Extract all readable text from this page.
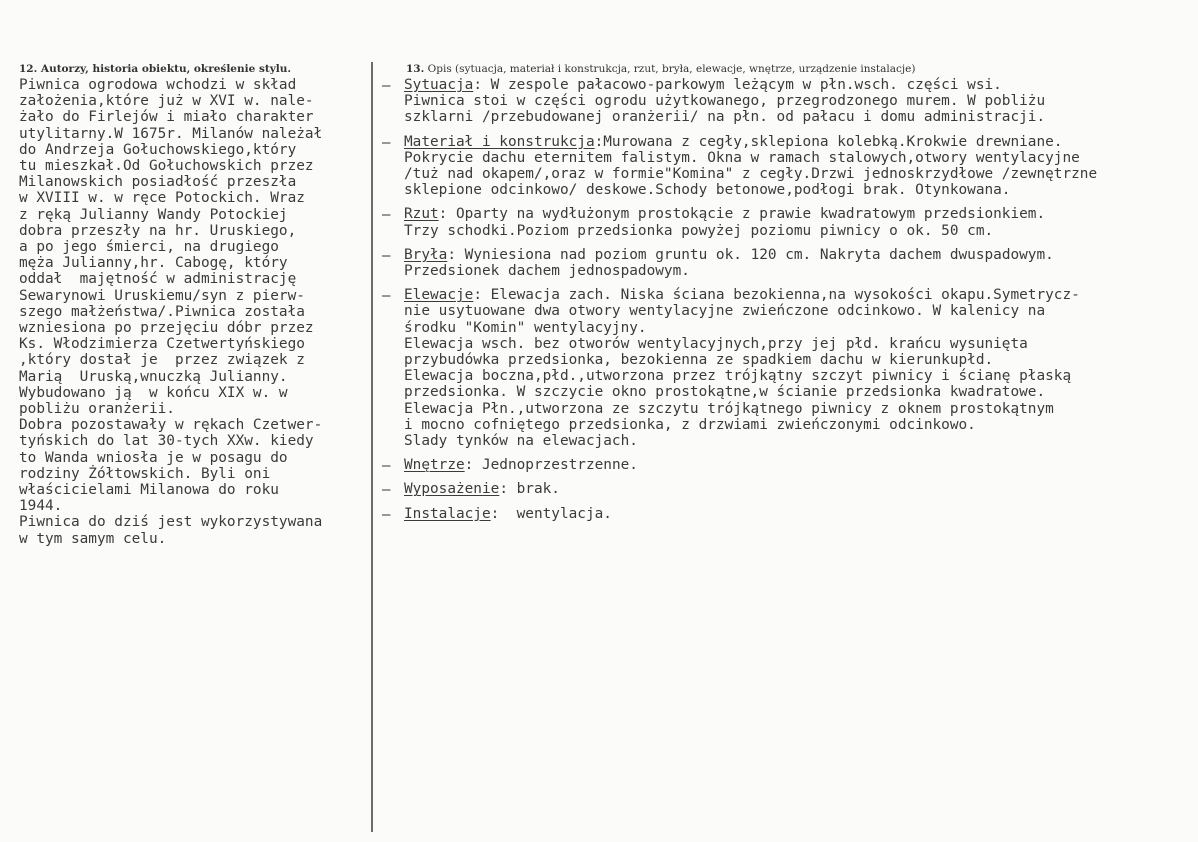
12. Autorzy, historia obiektu, określenie stylu.
Piwnica ogrodowa wchodzi w skład
założenia,które już w XVI w. nale-
żało do Firlejów i miało charakter
utylitarny.W 1675r. Milanów należał
do Andrzeja Gołuchowskiego,który
tu mieszkał.Od Gołuchowskich przez
Milanowskich posiadłość przeszła
w XVIII w. w ręce Potockich. Wraz
z ręką Julianny Wandy Potockiej
dobra przeszły na hr. Uruskiego,
a po jego śmierci, na drugiego
męża Julianny,hr. Cabogę, który
oddał  majętność w administrację
Sewarynowi Uruskiemu/syn z pierw-
szego małżeństwa/.Piwnica została
wzniesiona po przejęciu dóbr przez
Ks. Włodzimierza Czetwertyńskiego
,który dostał je  przez związek z
Marią  Uruską,wnuczką Julianny.
Wybudowano ją  w końcu XIX w. w
pobliżu oranżerii.
Dobra pozostawały w rękach Czetwer-
tyńskich do lat 30-tych XXw. kiedy
to Wanda wniosła je w posagu do
rodziny Żółtowskich. Byli oni
właścicielami Milanowa do roku
1944.
Piwnica do dziś jest wykorzystywana
w tym samym celu.
13. Opis (sytuacja, materiał i konstrukcja, rzut, bryła, elewacje, wnętrze, urządzenie instalacje)
– Sytuacja: W zespole pałacowo-parkowym leżącym w płn.wsch. części wsi.
Piwnica stoi w części ogrodu użytkowanego, przegrodzonego murem. W pobliżu
szklarni /przebudowanej oranżerii/ na płn. od pałacu i domu administracji.
– Materiał i konstrukcja:Murowana z cegły,sklepiona kolebką.Krokwie drewniane.
Pokrycie dachu eternitem falistym. Okna w ramach stalowych,otwory wentylacyjne
/tuż nad okapem/,oraz w formie"Komina" z cegły.Drzwi jednoskrzydłowe /zewnętrzne
sklepione odcinkowo/ deskowe.Schody betonowe,podłogi brak. Otynkowana.
– Rzut: Oparty na wydłużonym prostokącie z prawie kwadratowym przedsionkiem.
Trzy schodki.Poziom przedsionka powyżej poziomu piwnicy o ok. 50 cm.
– Bryła: Wyniesiona nad poziom gruntu ok. 120 cm. Nakryta dachem dwuspadowym.
Przedsionek dachem jednospadowym.
– Elewacje: Elewacja zach. Niska ściana bezokienna,na wysokości okapu.Symetrycz-
nie usytuowane dwa otwory wentylacyjne zwieńczone odcinkowo. W kalenicy na
środku "Komin" wentylacyjny.
Elewacja wsch. bez otworów wentylacyjnych,przy jej płd. krańcu wysunięta
przybudówka przedsionka, bezokienna ze spadkiem dachu w kierunkupłd.
Elewacja boczna,płd.,utworzona przez trójkątny szczyt piwnicy i ścianę płaską
przedsionka. W szczycie okno prostokątne,w ścianie przedsionka kwadratowe.
Elewacja Płn.,utworzona ze szczytu trójkątnego piwnicy z oknem prostokątnym
i mocno cofniętego przedsionka, z drzwiami zwieńczonymi odcinkowo.
Slady tynków na elewacjach.
– Wnętrze: Jednoprzestrzenne.
– Wyposażenie: brak.
– Instalacje:  wentylacja.
